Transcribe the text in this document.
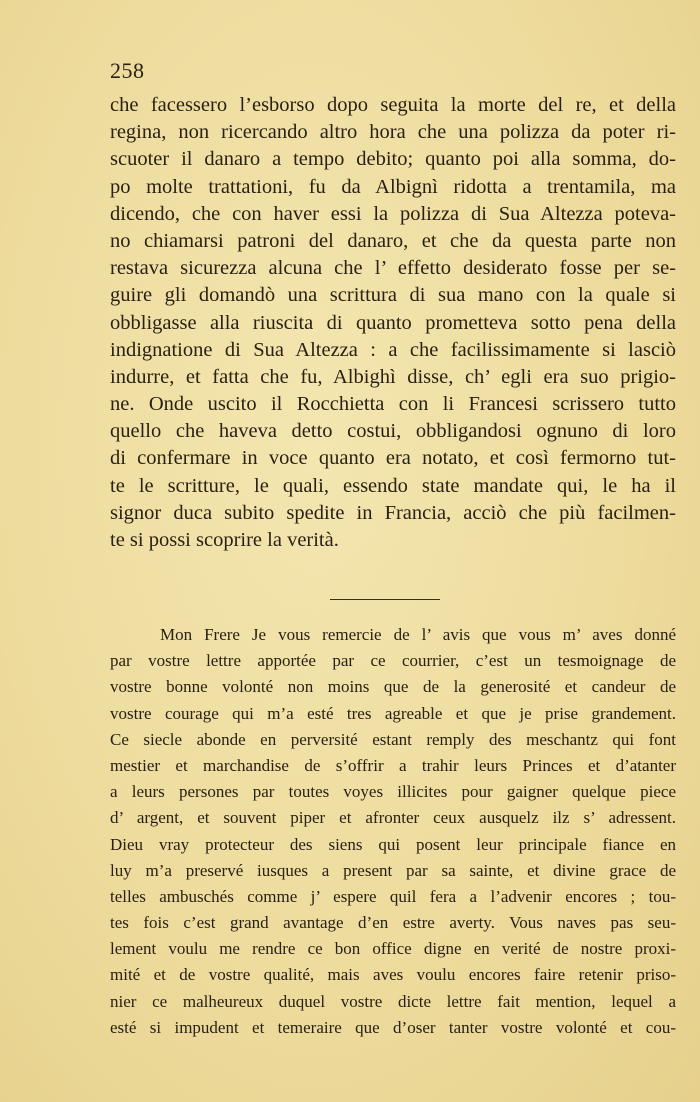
258
che facessero l’esborso dopo seguita la morte del re, et della
regina, non ricercando altro hora che una polizza da poter ri-
scuoter il danaro a tempo debito; quanto poi alla somma, do-
po molte trattationi, fu da Albignì ridotta a trentamila, ma
dicendo, che con haver essi la polizza di Sua Altezza poteva-
no chiamarsi patroni del danaro, et che da questa parte non
restava sicurezza alcuna che l’ effetto desiderato fosse per se-
guire gli domandò una scrittura di sua mano con la quale si
obbligasse alla riuscita di quanto prometteva sotto pena della
indignatione di Sua Altezza : a che facilissimamente si lasciò
indurre, et fatta che fu, Albighì disse, ch’ egli era suo prigio-
ne. Onde uscito il Rocchietta con li Francesi scrissero tutto
quello che haveva detto costui, obbligandosi ognuno di loro
di confermare in voce quanto era notato, et così fermorno tut-
te le scritture, le quali, essendo state mandate qui, le ha il
signor duca subito spedite in Francia, acciò che più facilmen-
te si possi scoprire la verità.
Mon Frere Je vous remercie de l’ avis que vous m’ aves donné
par vostre lettre apportée par ce courrier, c’est un tesmoignage de
vostre bonne volonté non moins que de la generosité et candeur de
vostre courage qui m’a esté tres agreable et que je prise grandement.
Ce siecle abonde en perversité estant remply des meschantz qui font
mestier et marchandise de s’offrir a trahir leurs Princes et d’atanter
a leurs persones par toutes voyes illicites pour gaigner quelque piece
d’ argent, et souvent piper et afronter ceux ausquelz ilz s’ adressent.
Dieu vray protecteur des siens qui posent leur principale fiance en
luy m’a preservé iusques a present par sa sainte, et divine grace de
telles ambuschés comme j’ espere quil fera a l’advenir encores ; tou-
tes fois c’est grand avantage d’en estre averty. Vous naves pas seu-
lement voulu me rendre ce bon office digne en verité de nostre proxi-
mité et de vostre qualité, mais aves voulu encores faire retenir priso-
nier ce malheureux duquel vostre dicte lettre fait mention, lequel a
esté si impudent et temeraire que d’oser tanter vostre volonté et cou-
